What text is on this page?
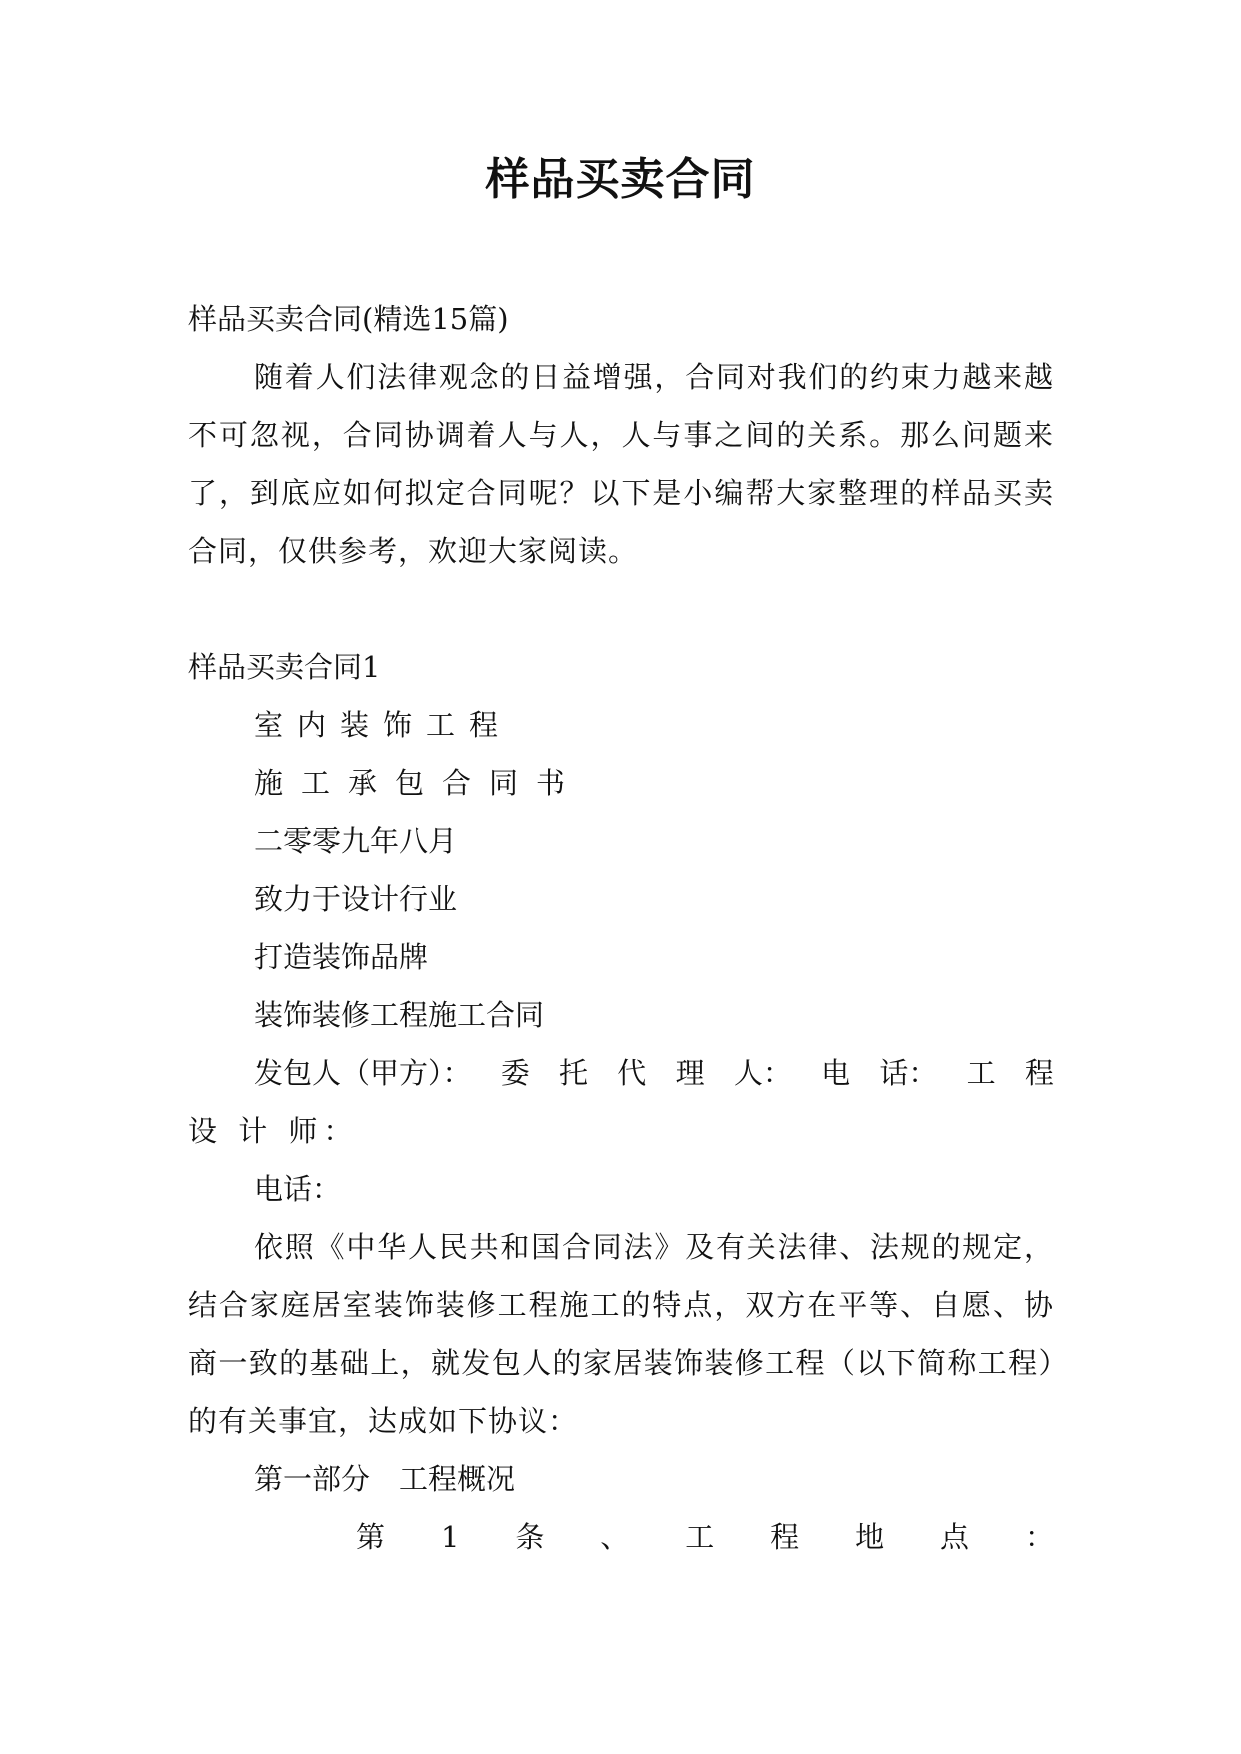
样品买卖合同
样品买卖合同(精选15篇)
随着人们法律观念的日益增强，合同对我们的约束力越来越不可忽视，合同协调着人与人，人与事之间的关系。那么问题来了，到底应如何拟定合同呢？以下是小编帮大家整理的样品买卖合同，仅供参考，欢迎大家阅读。
样品买卖合同1
室内装饰工程
施工承包合同书
二零零九年八月
致力于设计行业
打造装饰品牌
装饰装修工程施工合同
发包人（甲方）： 委 托 代 理 人： 电 话： 工 程
设 计 师：
电话：
依照《中华人民共和国合同法》及有关法律、法规的规定，结合家庭居室装饰装修工程施工的特点，双方在平等、自愿、协商一致的基础上，就发包人的家居装饰装修工程（以下简称工程）的有关事宜，达成如下协议：
第一部分　工程概况
第 1 条 、 工 程 地 点 ：
